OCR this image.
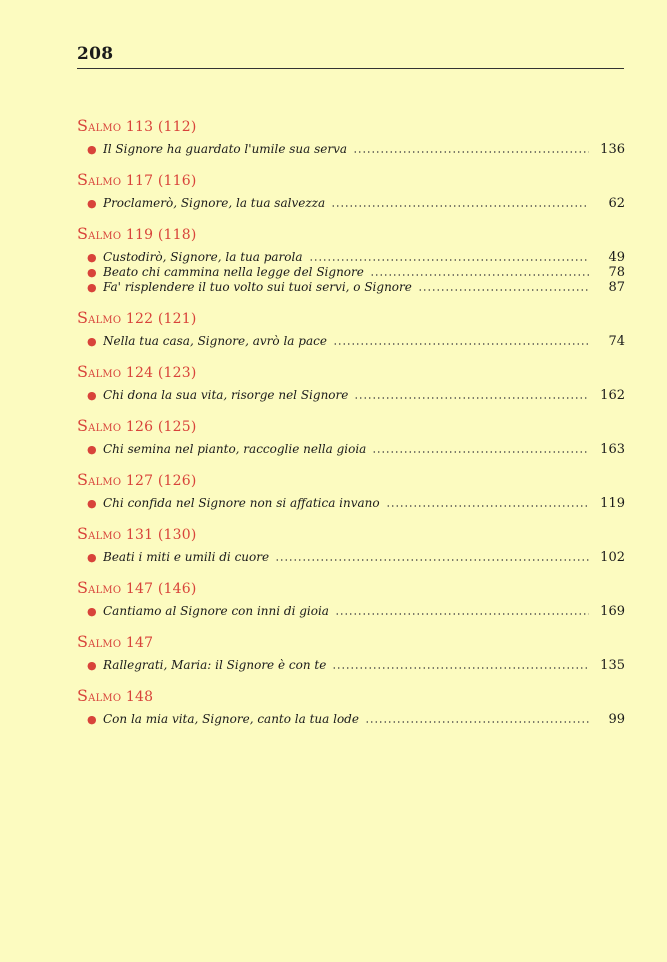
208
Salmo 113 (112)
● Il Signore ha guardato l'umile sua serva	136
Salmo 117 (116)
● Proclamerò, Signore, la tua salvezza	62
Salmo 119 (118)
● Custodirò, Signore, la tua parola	49
● Beato chi cammina nella legge del Signore	78
● Fa' risplendere il tuo volto sui tuoi servi, o Signore	87
Salmo 122 (121)
● Nella tua casa, Signore, avrò la pace	74
Salmo 124 (123)
● Chi dona la sua vita, risorge nel Signore	162
Salmo 126 (125)
● Chi semina nel pianto, raccoglie nella gioia	163
Salmo 127 (126)
● Chi confida nel Signore non si affatica invano	119
Salmo 131 (130)
● Beati i miti e umili di cuore	102
Salmo 147 (146)
● Cantiamo al Signore con inni di gioia	169
Salmo 147
● Rallegrati, Maria: il Signore è con te	135
Salmo 148
● Con la mia vita, Signore, canto la tua lode	99
